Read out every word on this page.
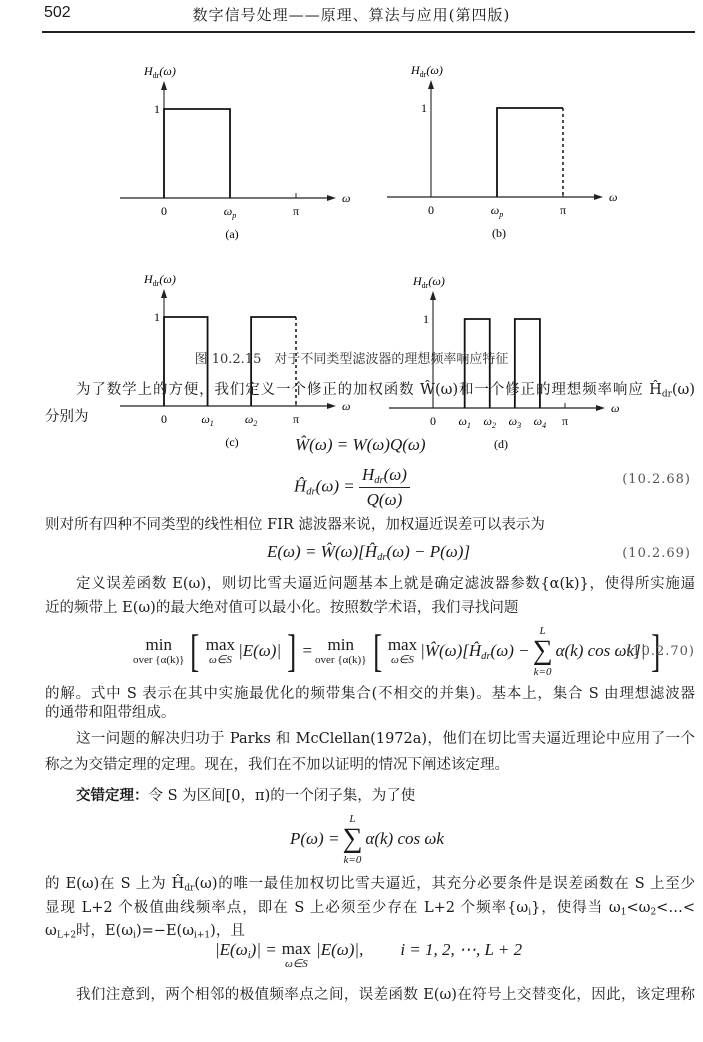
502	数字信号处理——原理、算法与应用(第四版)
$H_{dr}(\omega)$
ω
1
0	$\omega_p$	π
(a)
$H_{dr}(\omega)$
ω
1
0	$\omega_p$	π
(b)
$H_{dr}(\omega)$
ω
1
0	$\omega_1$	$\omega_2$	π
(c)
$H_{dr}(\omega)$
ω
1
0 $\omega_1$ $\omega_2$ $\omega_3$ $\omega_4$ π
(d)
图 10.2.15　对于不同类型滤波器的理想频率响应特征
为了数学上的方便，我们定义一个修正的加权函数 Ŵ(ω)和一个修正的理想频率响应 $Ĥ_{dr}(\omega)$
分别为
Ŵ(ω) = W(ω)Q(ω)
$Ĥ_{dr}(\omega) = \frac{H_{dr}(\omega)}{Q(\omega)}$	(10.2.68)
则对所有四种不同类型的线性相位 FIR 滤波器来说，加权逼近误差可以表示为
$E(\omega) = Ŵ(\omega)[Ĥ_{dr}(\omega) - P(\omega)]$	(10.2.69)
定义误差函数 E(ω)，则切比雪夫逼近问题基本上就是确定滤波器参数{α(k)}，使得所实施逼
近的频带上 E(ω)的最大绝对值可以最小化。按照数学术语，我们寻找问题
min
over {α(k)} [ max
ω∈S |E(ω)| ] = min
over {α(k)} [ max
ω∈S $|Ŵ(\omega)[Ĥ_{dr}(\omega)$ −
L
∑
k=0
α(k) cos ωk]| ]
(10.2.70)
的解。式中 S 表示在其中实施最优化的频带集合(不相交的并集)。基本上，集合 S 由理想滤波器
的通带和阻带组成。
这一问题的解决归功于 Parks 和 McClellan(1972a)，他们在切比雪夫逼近理论中应用了一个
称之为交错定理的定理。现在，我们在不加以证明的情况下阐述该定理。
交错定理：令 S 为区间[0，π)的一个闭子集，为了使
P(ω) =
L
∑
k=0
α(k) cos ωk
的 E(ω)在 S 上为 $Ĥ_{dr}(\omega)$的唯一最佳加权切比雪夫逼近，其充分必要条件是误差函数在 S 上至少
显现 L+2 个极值曲线频率点，即在 S 上必须至少存在 L+2 个频率$\{\omega_i\}$，使得当 $\omega_1<\omega_2<\dots<$
$\omega_{L+2}$时，$E(\omega_i)=-E(\omega_{i+1})$，且
$|E(\omega_i)| = \max$
ω∈S
|E(ω)|, i = 1, 2, ⋯, L + 2
我们注意到，两个相邻的极值频率点之间，误差函数 E(ω)在符号上交替变化，因此，该定理称
